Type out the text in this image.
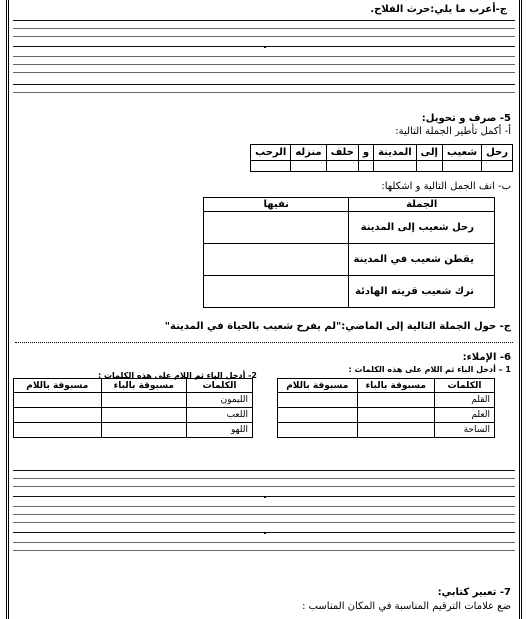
ج-أعرب ما يلي:حرث الفلاح.
5- صرف و تحويل:
أ- أكمل تأطير الجملة التالية:
رحل	شعيب	إلى	المدينة	و	خلف	منزله	الرحب

ب- انف الجمل التالية و اشكلها:
الجملة	نفيها
رحل شعيب إلى المدينة	
يقطن شعيب في المدينة	
ترك شعيب قريته الهادئة	
ج- حول الجملة التالية إلى الماضي:"لم يفرح شعيب بالحياة في المدينة"
6- الإملاء:
1 – أدخل الباء ثم اللام على هذه الكلمات :
2- أدخل الباء ثم اللام على هذه الكلمات :
الكلمات	مسبوقة بالباء	مسبوقة باللام
القلم		
العلم		
الساحة		
الكلمات	مسبوقة بالباء	مسبوقة باللام
الليمون		
اللعب		
اللهو		
7- تعبير كتابي:
ضع علامات الترقيم المناسبة في المكان المناسب :
